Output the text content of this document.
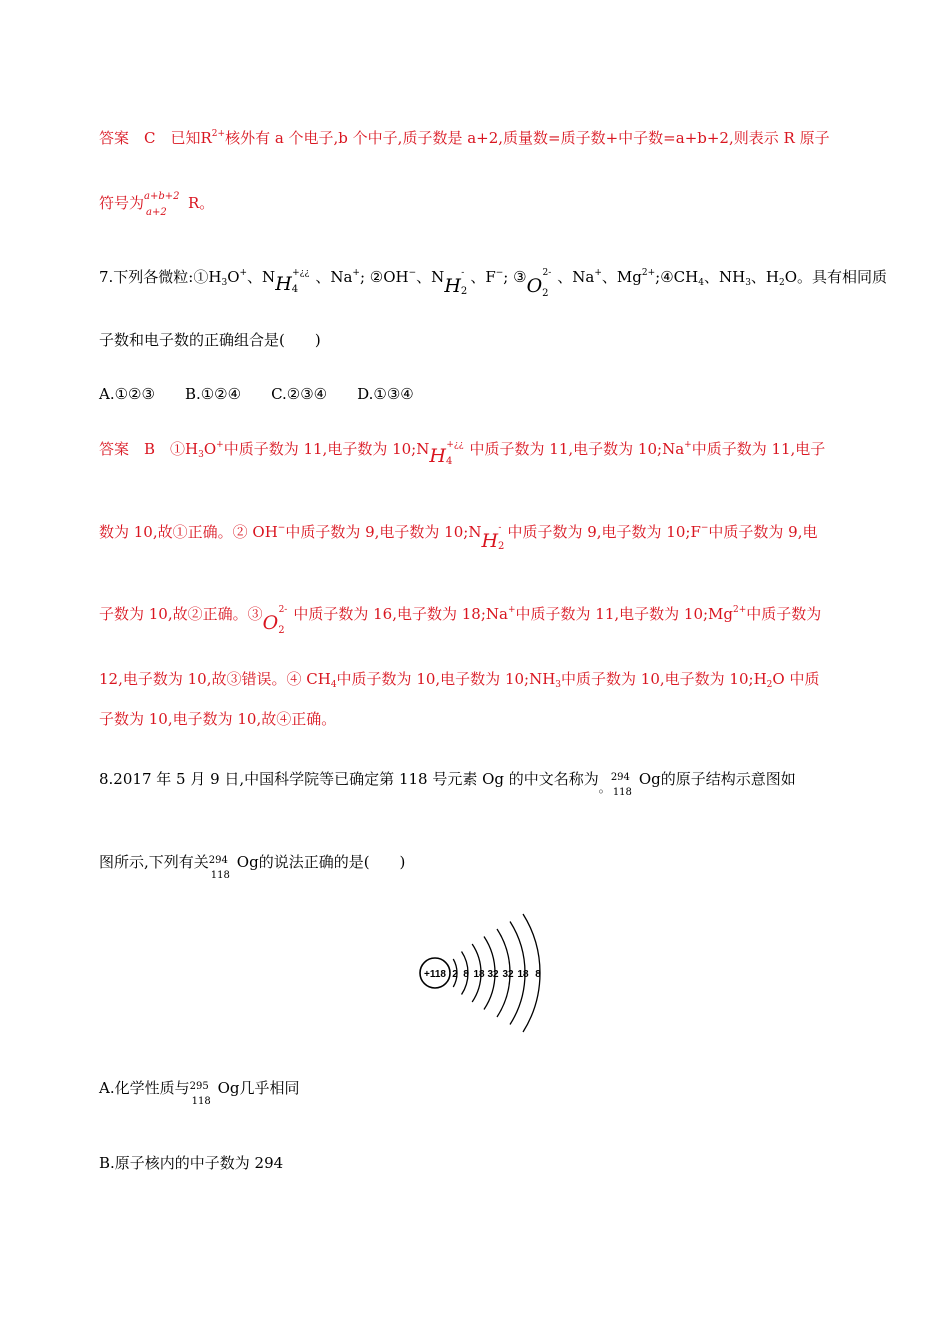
答案　C　已知$R^{2+}$核外有 a 个电子,b 个中子,质子数是 a+2,质量数=质子数+中子数=a+b+2,则表示 R 原子
符号为 a+b+2
a+2
R。
7.下列各微粒$:①H_3O^+$、$NH_4^{+¿¿}$ 、Na+; ②OH−、$NH_2^-$ 、F−; $③O_2^{2-}$ 、Na+、$Mg^{2+};④CH_4$、$NH_3$、$H_2O$。具有相同质
子数和电子数的正确组合是(　　)
A.①②③　　B.①②④　　C.②③④　　D.①③④
答案　B　$①H_3O^+$中质子数为 11,电子数为 $10;NH_4^{+¿¿}$ 中质子数为 11,电子数为 10;Na+中质子数为 11,电子
数为 10,故①正确。② OH−中质子数为 9,电子数为 $10;NH_2^-$ 中质子数为 9,电子数为 10;F−中质子数为 9,电
子数为 10,故②正确。$③O_2^{2-}$ 中质子数为 16,电子数为 18;Na+中质子数为 11,电子数为 $10;Mg^{2+}$中质子数为
12,电子数为 10,故③错误。④ $CH_4$中质子数为 10,电子数为 $10;NH_3$中质子数为 10,电子数为 $10;H_2O$ 中质
子数为 10,电子数为 10,故④正确。
8.2017 年 5 月 9 日,中国科学院等已确定第 118 号元素 Og 的中文名称为$_。$
294
118
Og的原子结构示意图如
图所示,下列有关 294
118
Og的说法正确的是(　　)
+118 2 8 18 32 32 18 8
A.化学性质与 295
118
Og几乎相同
B.原子核内的中子数为 294
